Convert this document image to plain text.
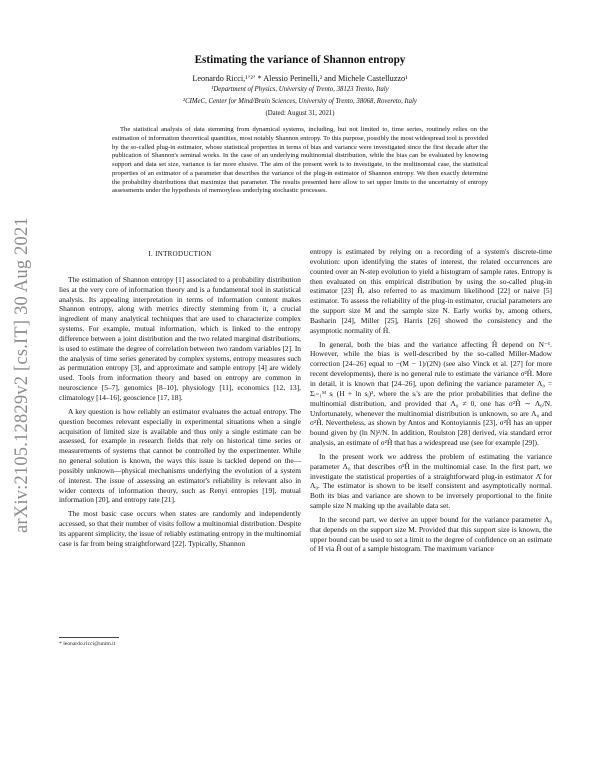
arXiv:2105.12829v2 [cs.IT] 30 Aug 2021
Estimating the variance of Shannon entropy
Leonardo Ricci,¹ʼ²ʼ * Alessio Perinelli,² and Michele Castelluzzo¹
¹Department of Physics, University of Trento, 38123 Trento, Italy
²CIMeC, Center for Mind/Brain Sciences, University of Trento, 38068, Rovereto, Italy
(Dated: August 31, 2021)

The statistical analysis of data stemming from dynamical systems, including, but not limited to, time series, routinely relies on the estimation of information theoretical quantities, most notably Shannon entropy. To this purpose, possibly the most widespread tool is provided by the so-called plug-in estimator, whose statistical properties in terms of bias and variance were investigated since the first decade after the publication of Shannon's seminal works. In the case of an underlying multinomial distribution, while the bias can be evaluated by knowing support and data set size, variance is far more elusive. The aim of the present work is to investigate, in the multinomial case, the statistical properties of an estimator of a parameter that describes the variance of the plug-in estimator of Shannon entropy. We then exactly determine the probability distributions that maximize that parameter. The results presented here allow to set upper limits to the uncertainty of entropy assessments under the hypothesis of memoryless underlying stochastic processes.

I. INTRODUCTION

The estimation of Shannon entropy [1] associated to a probability distribution lies at the very core of information theory and is a fundamental tool in statistical analysis. Its appealing interpretation in terms of information content makes Shannon entropy, along with metrics directly stemming from it, a crucial ingredient of many analytical techniques that are used to characterize complex systems. For example, mutual information, which is linked to the entropy difference between a joint distribution and the two related marginal distributions, is used to estimate the degree of correlation between two random variables [2]. In the analysis of time series generated by complex systems, entropy measures such as permutation entropy [3], and approximate and sample entropy [4] are widely used. Tools from information theory and based on entropy are common in neuroscience [5–7], genomics [8–10], physiology [11], economics [12, 13], climatology [14–16], geoscience [17, 18].

A key question is how reliably an estimator evaluates the actual entropy. The question becomes relevant especially in experimental situations when a single acquisition of limited size is available and thus only a single estimate can be assessed, for example in research fields that rely on historical time series or measurements of systems that cannot be controlled by the experimenter. While no general solution is known, the ways this issue is tackled depend on the—possibly unknown—physical mechanisms underlying the evolution of a system of interest. The issue of assessing an estimator's reliability is relevant also in wider contexts of information theory, such as Renyi entropies [19], mutual information [20], and entropy rate [21].

The most basic case occurs when states are randomly and independently accessed, so that their number of visits follow a multinomial distribution. Despite its apparent simplicity, the issue of reliably estimating entropy in the multinomial case is far from being straightforward [22]. Typically, Shannon

entropy is estimated by relying on a recording of a system's discrete-time evolution: upon identifying the states of interest, the related occurrences are counted over an N-step evolution to yield a histogram of sample rates. Entropy is then evaluated on this empirical distribution by using the so-called plug-in estimator [23] Ĥ, also referred to as maximum likelihood [22] or naive [5] estimator. To assess the reliability of the plug-in estimator, crucial parameters are the support size M and the sample size N. Early works by, among others, Basharin [24], Miller [25], Harris [26] showed the consistency and the asymptotic normality of Ĥ.

In general, both the bias and the variance affecting Ĥ depend on N⁻¹. However, while the bias is well-described by the so-called Miller-Madow correction [24–26] equal to −(M − 1)/(2N) (see also Vinck et al. [27] for more recent developments), there is no general rule to estimate the variance σ²Ĥ. More in detail, it is known that [24–26], upon defining the variance parameter Λ₀ = Σᵢ₌₁ᴹ sᵢ (H + ln sᵢ)², where the sᵢ's are the prior probabilities that define the multinomial distribution, and provided that Λ₀ ≠ 0, one has σ²Ĥ ∼ Λ₀/N. Unfortunately, whenever the multinomial distribution is unknown, so are Λ₀ and σ²Ĥ. Nevertheless, as shown by Antos and Kontoyiannis [23], σ²Ĥ has an upper bound given by (ln N)²/N. In addition, Roulston [28] derived, via standard error analysis, an estimate of σ²Ĥ that has a widespread use (see for example [29]).

In the present work we address the problem of estimating the variance parameter Λ₀ that describes σ²Ĥ in the multinomial case. In the first part, we investigate the statistical properties of a straightforward plug-in estimator Λ̂ for Λ₀. The estimator is shown to be itself consistent and asymptotically normal. Both its bias and variance are shown to be inversely proportional to the finite sample size N making up the available data set.

In the second part, we derive an upper bound for the variance parameter Λ₀ that depends on the support size M. Provided that this support size is known, the upper bound can be used to set a limit to the degree of confidence on an estimate of H via Ĥ out of a sample histogram. The maximum variance

* leonardo.ricci@unitn.it
